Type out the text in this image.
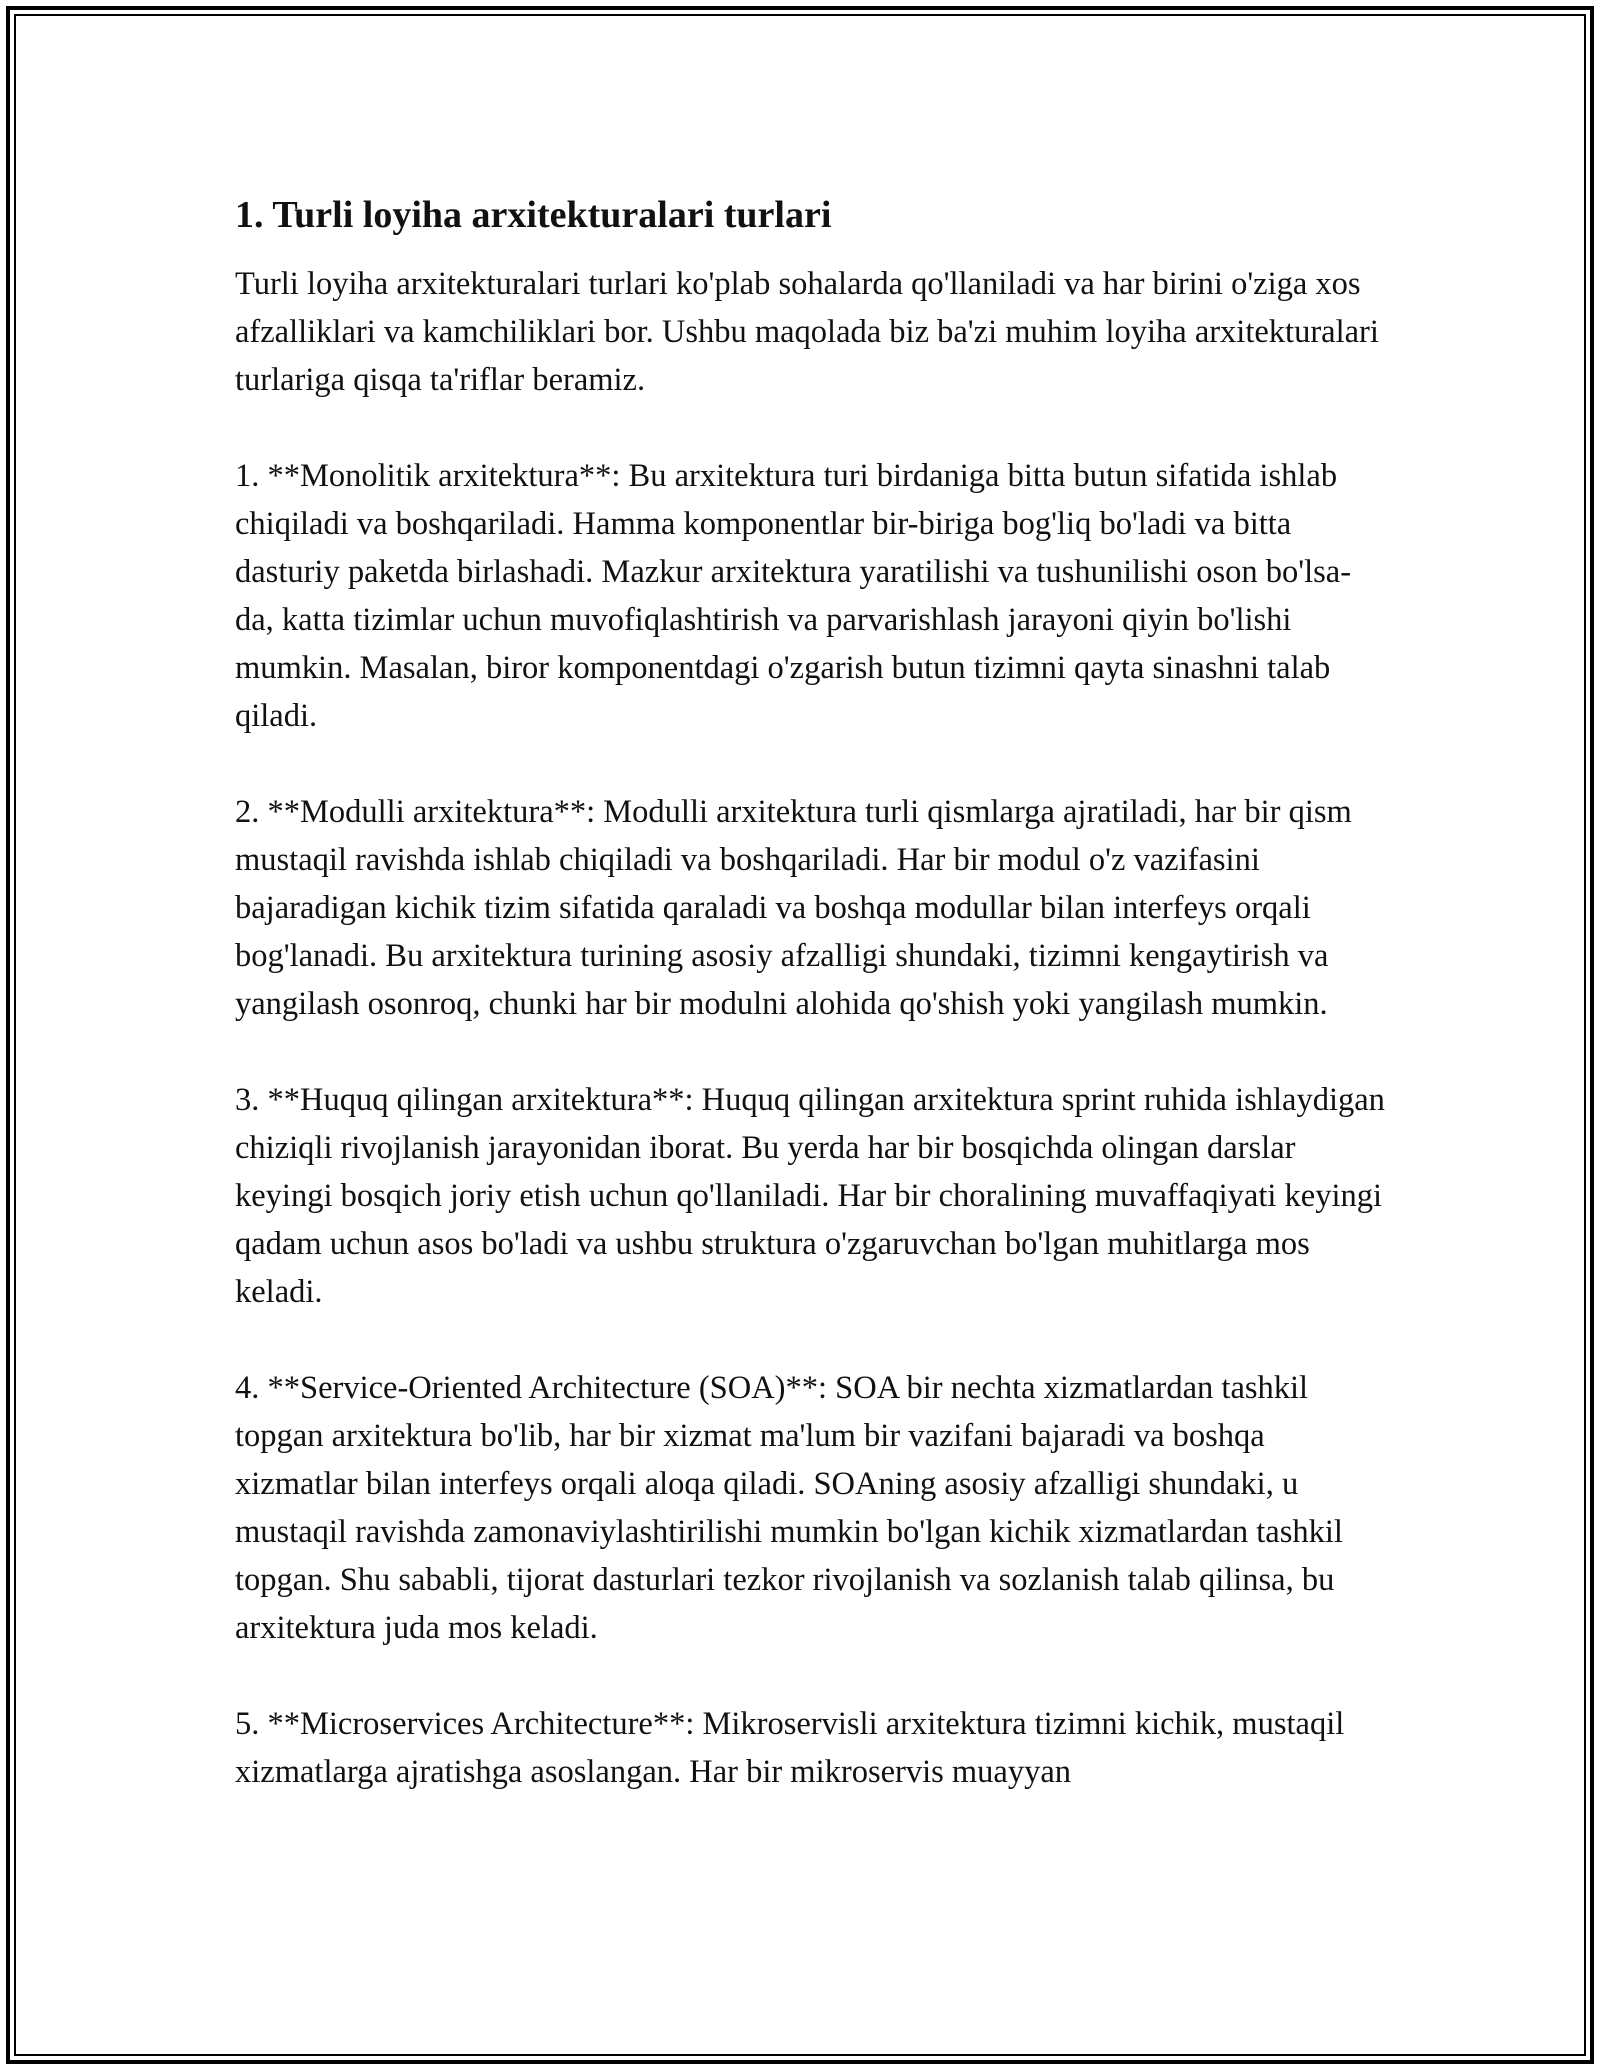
1. Turli loyiha arxitekturalari turlari

Turli loyiha arxitekturalari turlari ko'plab sohalarda qo'llaniladi va har birini o'ziga xos afzalliklari va kamchiliklari bor. Ushbu maqolada biz ba'zi muhim loyiha arxitekturalari turlariga qisqa ta'riflar beramiz.

1. **Monolitik arxitektura**: Bu arxitektura turi birdaniga bitta butun sifatida ishlab chiqiladi va boshqariladi. Hamma komponentlar bir-biriga bog'liq bo'ladi va bitta dasturiy paketda birlashadi. Mazkur arxitektura yaratilishi va tushunilishi oson bo'lsa-da, katta tizimlar uchun muvofiqlashtirish va parvarishlash jarayoni qiyin bo'lishi mumkin. Masalan, biror komponentdagi o'zgarish butun tizimni qayta sinashni talab qiladi.

2. **Modulli arxitektura**: Modulli arxitektura turli qismlarga ajratiladi, har bir qism mustaqil ravishda ishlab chiqiladi va boshqariladi. Har bir modul o'z vazifasini bajaradigan kichik tizim sifatida qaraladi va boshqa modullar bilan interfeys orqali bog'lanadi. Bu arxitektura turining asosiy afzalligi shundaki, tizimni kengaytirish va yangilash osonroq, chunki har bir modulni alohida qo'shish yoki yangilash mumkin.

3. **Huquq qilingan arxitektura**: Huquq qilingan arxitektura sprint ruhida ishlaydigan chiziqli rivojlanish jarayonidan iborat. Bu yerda har bir bosqichda olingan darslar keyingi bosqich joriy etish uchun qo'llaniladi. Har bir choralining muvaffaqiyati keyingi qadam uchun asos bo'ladi va ushbu struktura o'zgaruvchan bo'lgan muhitlarga mos keladi.

4. **Service-Oriented Architecture (SOA)**: SOA bir nechta xizmatlardan tashkil topgan arxitektura bo'lib, har bir xizmat ma'lum bir vazifani bajaradi va boshqa xizmatlar bilan interfeys orqali aloqa qiladi. SOAning asosiy afzalligi shundaki, u mustaqil ravishda zamonaviylashtirilishi mumkin bo'lgan kichik xizmatlardan tashkil topgan. Shu sababli, tijorat dasturlari tezkor rivojlanish va sozlanish talab qilinsa, bu arxitektura juda mos keladi.

5. **Microservices Architecture**: Mikroservisli arxitektura tizimni kichik, mustaqil xizmatlarga ajratishga asoslangan. Har bir mikroservis muayyan
